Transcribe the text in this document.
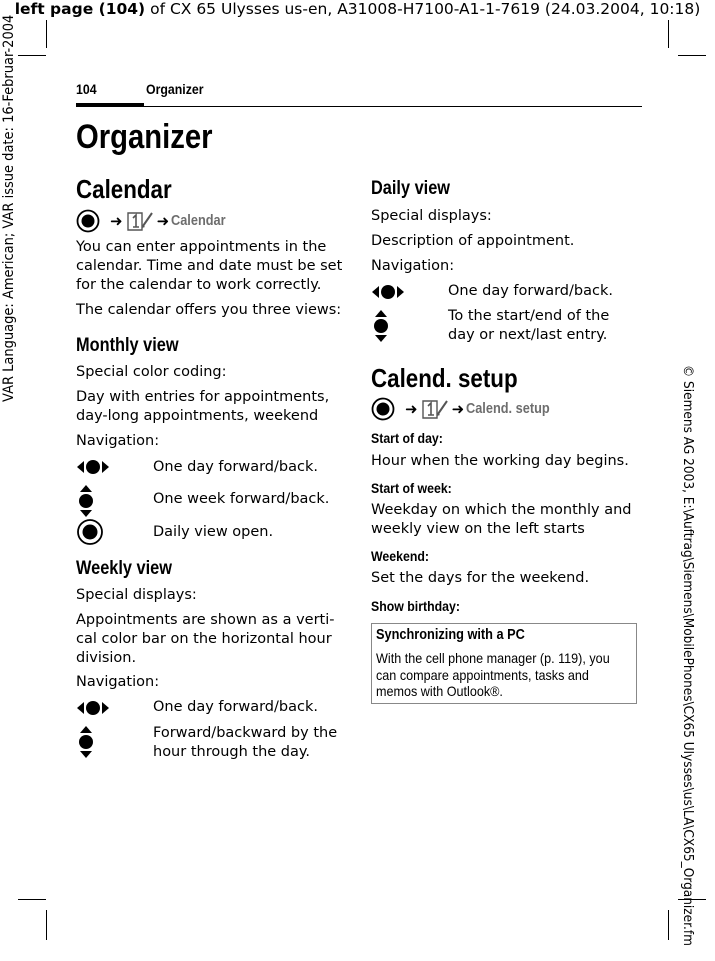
left page (104) of CX 65 Ulysses us-en, A31008-H7100-A1-1-7619 (24.03.2004, 10:18)
VAR Language: American; VAR issue date: 16-Februar-2004
© Siemens AG 2003, E:\Auftrag\Siemens\MobilePhones\CX65 Ulysses\us\LA\CX65_Organizer.fm
104	Organizer
Organizer
Calendar
➜ ➜ Calendar
You can enter appointments in the calendar. Time and date must be set for the calendar to work correctly.
The calendar offers you three views:
Monthly view
Special color coding:
Day with entries for appointments, day-long appointments, weekend
Navigation:
One day forward/back.
One week forward/back.
Daily view open.
Weekly view
Special displays:
Appointments are shown as a verti-cal color bar on the horizontal hour division.
Navigation:
One day forward/back.
Forward/backward by the hour through the day.
Daily view
Special displays:
Description of appointment.
Navigation:
One day forward/back.
To the start/end of the day or next/last entry.
Calend. setup
➜ ➜ Calend. setup
Start of day:
Hour when the working day begins.
Start of week:
Weekday on which the monthly and weekly view on the left starts
Weekend:
Set the days for the weekend.
Show birthday:
Synchronizing with a PC
With the cell phone manager (p. 119), you can compare appointments, tasks and memos with Outlook®.
